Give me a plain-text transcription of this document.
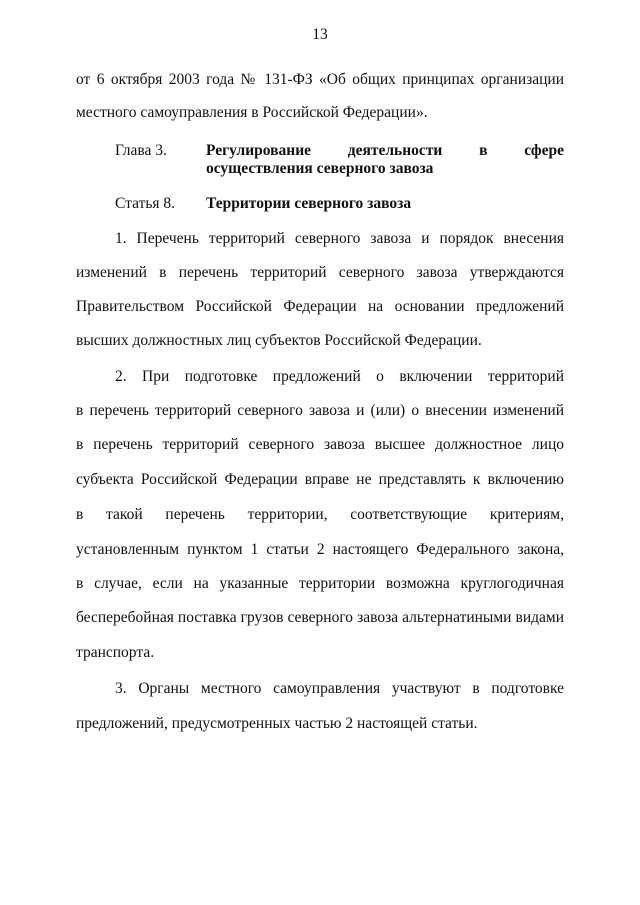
13
от 6 октября 2003 года № 131-ФЗ «Об общих принципах организации
местного самоуправления в Российской Федерации».
Глава 3.	Регулирование деятельности в сфере
осуществления северного завоза
Статья 8. Территории северного завоза
1. Перечень территорий северного завоза и порядок внесения
изменений в перечень территорий северного завоза утверждаются
Правительством Российской Федерации на основании предложений
высших должностных лиц субъектов Российской Федерации.
2. При подготовке предложений о включении территорий
в перечень территорий северного завоза и (или) о внесении изменений
в перечень территорий северного завоза высшее должностное лицо
субъекта Российской Федерации вправе не представлять к включению
в такой перечень территории, соответствующие критериям,
установленным пунктом 1 статьи 2 настоящего Федерального закона,
в случае, если на указанные территории возможна круглогодичная
бесперебойная поставка грузов северного завоза альтернатиными видами
транспорта.
3. Органы местного самоуправления участвуют в подготовке
предложений, предусмотренных частью 2 настоящей статьи.
